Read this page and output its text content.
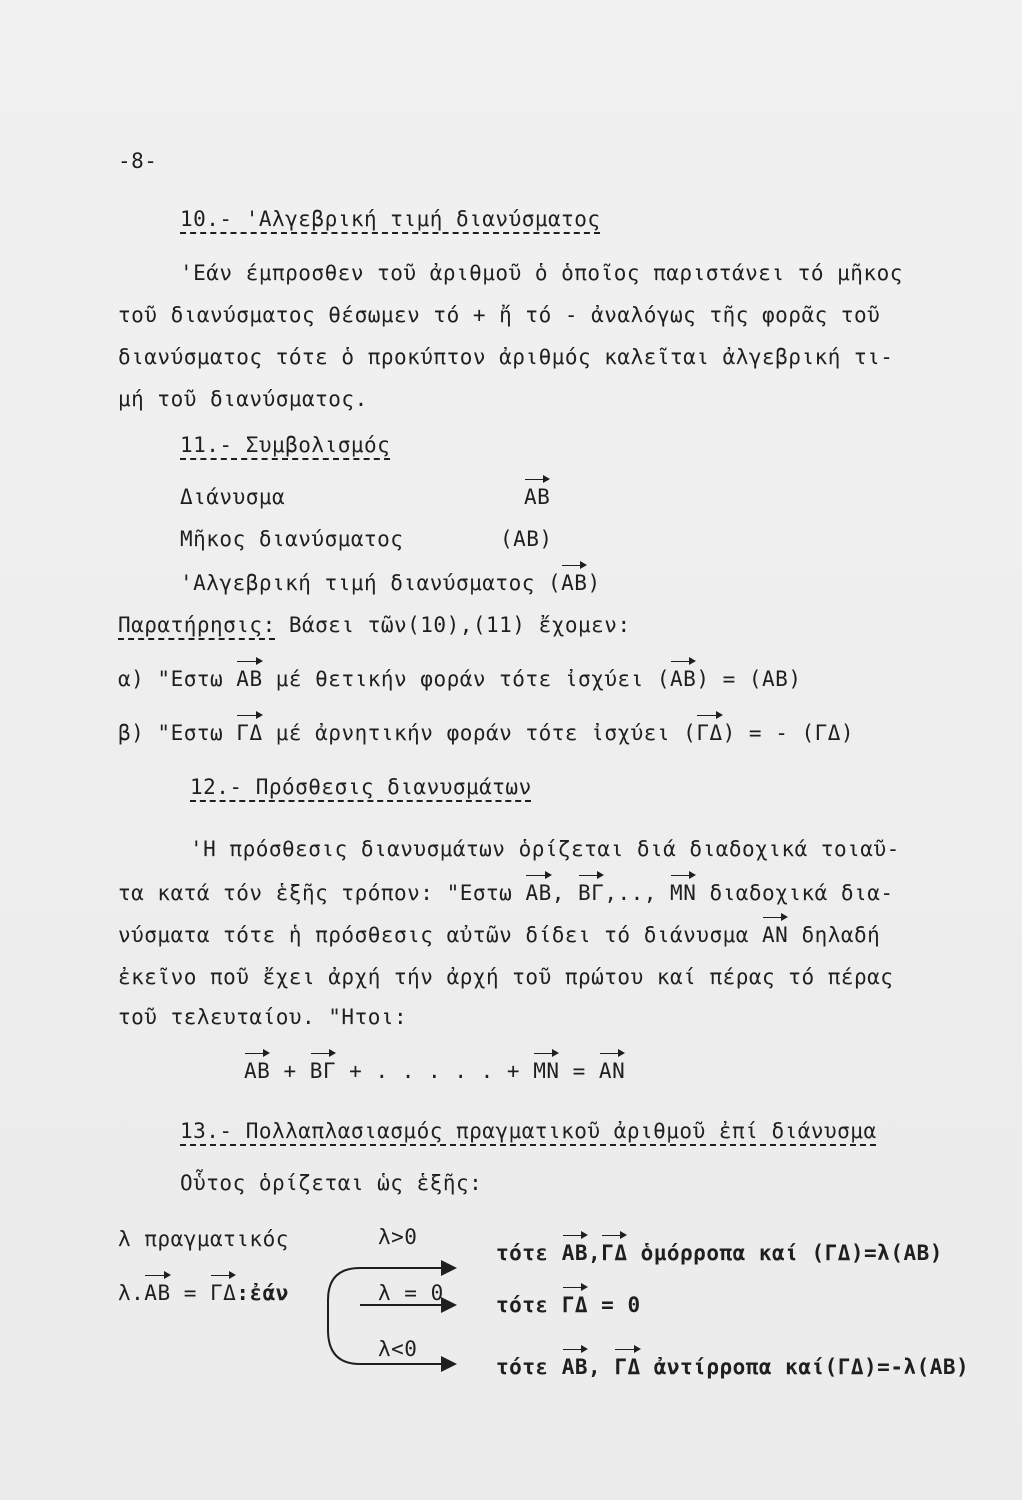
-8-
10.- 'Αλγεβρική τιμή διανύσματος
'Εάν έμπροσθεν τοῦ ἀριθμοῦ ὁ ὁποῖος παριστάνει τό μῆκος
τοῦ διανύσματος θέσωμεν τό + ἤ τό - ἀναλόγως τῆς φορᾶς τοῦ
διανύσματος τότε ὁ προκύπτον ἀριθμός καλεῖται ἀλγεβρική τι-
μή τοῦ διανύσματος.
11.- Συμβολισμός
Διάνυσμα	AB
Μῆκος διανύσματος	(AB)
'Αλγεβρική τιμή διανύσματος (AB)
Παρατήρησις: Βάσει τῶν(10),(11) ἔχομεν:
α) "Εστω AB μέ θετικήν φοράν τότε ἰσχύει (AB) = (AB)
β) "Εστω ΓΔ μέ ἀρνητικήν φοράν τότε ἰσχύει (ΓΔ) = - (ΓΔ)
12.- Πρόσθεσις διανυσμάτων
'Η πρόσθεσις διανυσμάτων ὁρίζεται διά διαδοχικά τοιαῦ-
τα κατά τόν ἑξῆς τρόπον: "Εστω AB, BΓ,.., MN διαδοχικά δια-
νύσματα τότε ἡ πρόσθεσις αὐτῶν δίδει τό διάνυσμα AN δηλαδή
ἐκεῖνο ποῦ ἔχει ἀρχή τήν ἀρχή τοῦ πρώτου καί πέρας τό πέρας
τοῦ τελευταίου. "Ητοι:
AB + BΓ + . . . . . + MN = AN
13.- Πολλαπλασιασμός πραγματικοῦ ἀριθμοῦ ἐπί διάνυσμα
Οὗτος ὁρίζεται ὡς ἑξῆς:
λ πραγματικός
λ.AB = ΓΔ:ἐάν
λ>0
λ = 0
λ<0
τότε AB,ΓΔ ὁμόρροπα καί (ΓΔ)=λ(AB)
τότε ΓΔ = 0
τότε AB, ΓΔ ἀντίρροπα καί(ΓΔ)=-λ(AB)
